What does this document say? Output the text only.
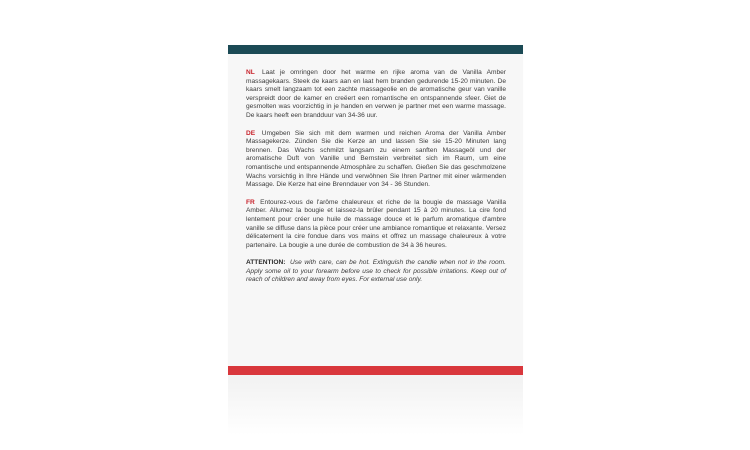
NL Laat je omringen door het warme en rijke aroma van de Vanilla Amber massagekaars. Steek de kaars aan en laat hem branden gedurende 15-20 minuten. De kaars smelt langzaam tot een zachte massageolie en de aromatische geur van vanille verspreidt door de kamer en creëert een romantische en ontspannende sfeer. Giet de gesmolten was voorzichtig in je handen en verwen je partner met een warme massage. De kaars heeft een brandduur van 34-36 uur.

DE Umgeben Sie sich mit dem warmen und reichen Aroma der Vanilla Amber Massagekerze. Zünden Sie die Kerze an und lassen Sie sie 15-20 Minuten lang brennen. Das Wachs schmilzt langsam zu einem sanften Massageöl und der aromatische Duft von Vanille und Bernstein verbreitet sich im Raum, um eine romantische und entspannende Atmosphäre zu schaffen. Gießen Sie das geschmolzene Wachs vorsichtig in Ihre Hände und verwöhnen Sie Ihren Partner mit einer wärmenden Massage. Die Kerze hat eine Brenndauer von 34 - 36 Stunden.

FR Entourez-vous de l'arôme chaleureux et riche de la bougie de massage Vanilla Amber. Allumez la bougie et laissez-la brûler pendant 15 à 20 minutes. La cire fond lentement pour créer une huile de massage douce et le parfum aromatique d'ambre vanille se diffuse dans la pièce pour créer une ambiance romantique et relaxante. Versez délicatement la cire fondue dans vos mains et offrez un massage chaleureux à votre partenaire. La bougie a une durée de combustion de 34 à 36 heures.

ATTENTION: Use with care, can be hot. Extinguish the candle when not in the room. Apply some oil to your forearm before use to check for possible irritations. Keep out of reach of children and away from eyes. For external use only.
